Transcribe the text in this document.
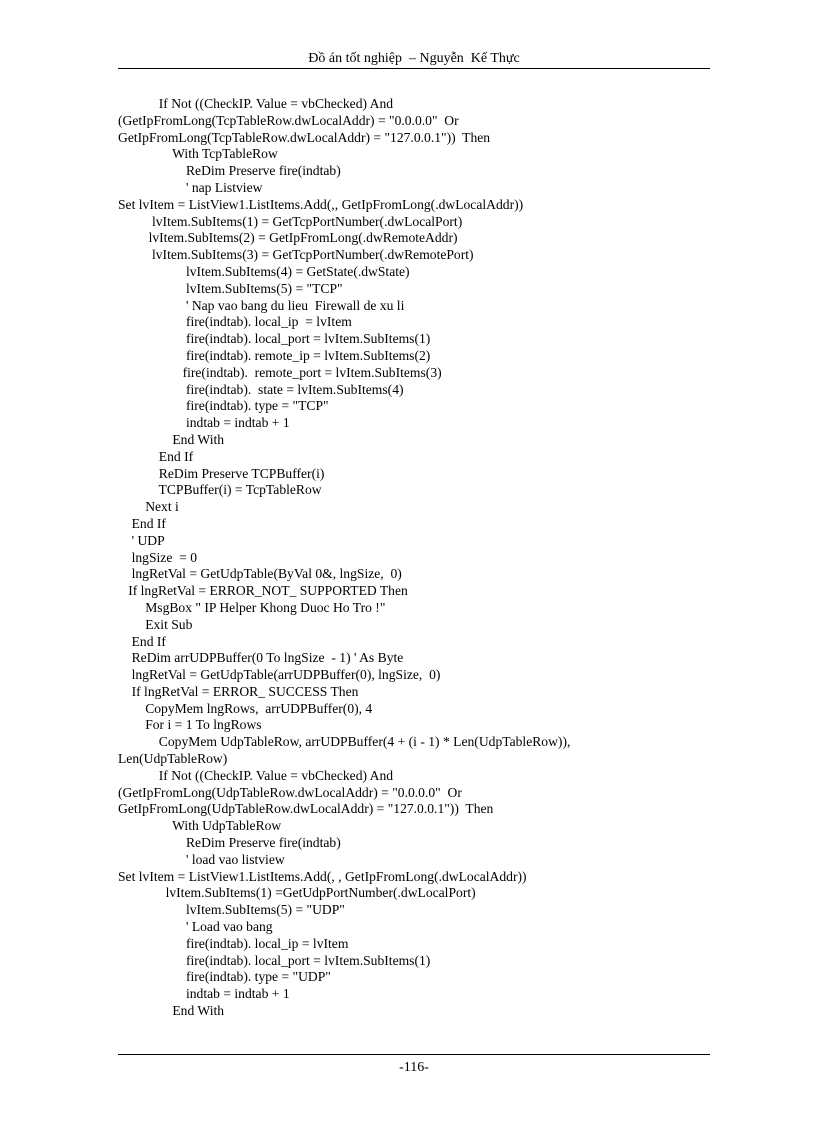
Đồ án tốt nghiệp  – Nguyễn  Kế Thực
If Not ((CheckIP. Value = vbChecked) And
(GetIpFromLong(TcpTableRow.dwLocalAddr) = "0.0.0.0"  Or
GetIpFromLong(TcpTableRow.dwLocalAddr) = "127.0.0.1"))  Then
With TcpTableRow
ReDim Preserve fire(indtab)
' nap Listview
Set lvItem = ListView1.ListItems.Add(,, GetIpFromLong(.dwLocalAddr))
lvItem.SubItems(1) = GetTcpPortNumber(.dwLocalPort)
lvItem.SubItems(2) = GetIpFromLong(.dwRemoteAddr)
lvItem.SubItems(3) = GetTcpPortNumber(.dwRemotePort)
lvItem.SubItems(4) = GetState(.dwState)
lvItem.SubItems(5) = "TCP"
' Nap vao bang du lieu  Firewall de xu li
fire(indtab). local_ip  = lvItem
fire(indtab). local_port = lvItem.SubItems(1)
fire(indtab). remote_ip = lvItem.SubItems(2)
fire(indtab).  remote_port = lvItem.SubItems(3)
fire(indtab).  state = lvItem.SubItems(4)
fire(indtab). type = "TCP"
indtab = indtab + 1
End With
End If
ReDim Preserve TCPBuffer(i)
TCPBuffer(i) = TcpTableRow
Next i
End If
' UDP
lngSize  = 0
lngRetVal = GetUdpTable(ByVal 0&, lngSize,  0)
If lngRetVal = ERROR_NOT_ SUPPORTED Then
MsgBox " IP Helper Khong Duoc Ho Tro !"
Exit Sub
End If
ReDim arrUDPBuffer(0 To lngSize  - 1) ' As Byte
lngRetVal = GetUdpTable(arrUDPBuffer(0), lngSize,  0)
If lngRetVal = ERROR_ SUCCESS Then
CopyMem lngRows,  arrUDPBuffer(0), 4
For i = 1 To lngRows
CopyMem UdpTableRow, arrUDPBuffer(4 + (i - 1) * Len(UdpTableRow)),
Len(UdpTableRow)
If Not ((CheckIP. Value = vbChecked) And
(GetIpFromLong(UdpTableRow.dwLocalAddr) = "0.0.0.0"  Or
GetIpFromLong(UdpTableRow.dwLocalAddr) = "127.0.0.1"))  Then
With UdpTableRow
ReDim Preserve fire(indtab)
' load vao listview
Set lvItem = ListView1.ListItems.Add(, , GetIpFromLong(.dwLocalAddr))
lvItem.SubItems(1) =GetUdpPortNumber(.dwLocalPort)
lvItem.SubItems(5) = "UDP"
' Load vao bang
fire(indtab). local_ip = lvItem
fire(indtab). local_port = lvItem.SubItems(1)
fire(indtab). type = "UDP"
indtab = indtab + 1
End With
-116-
